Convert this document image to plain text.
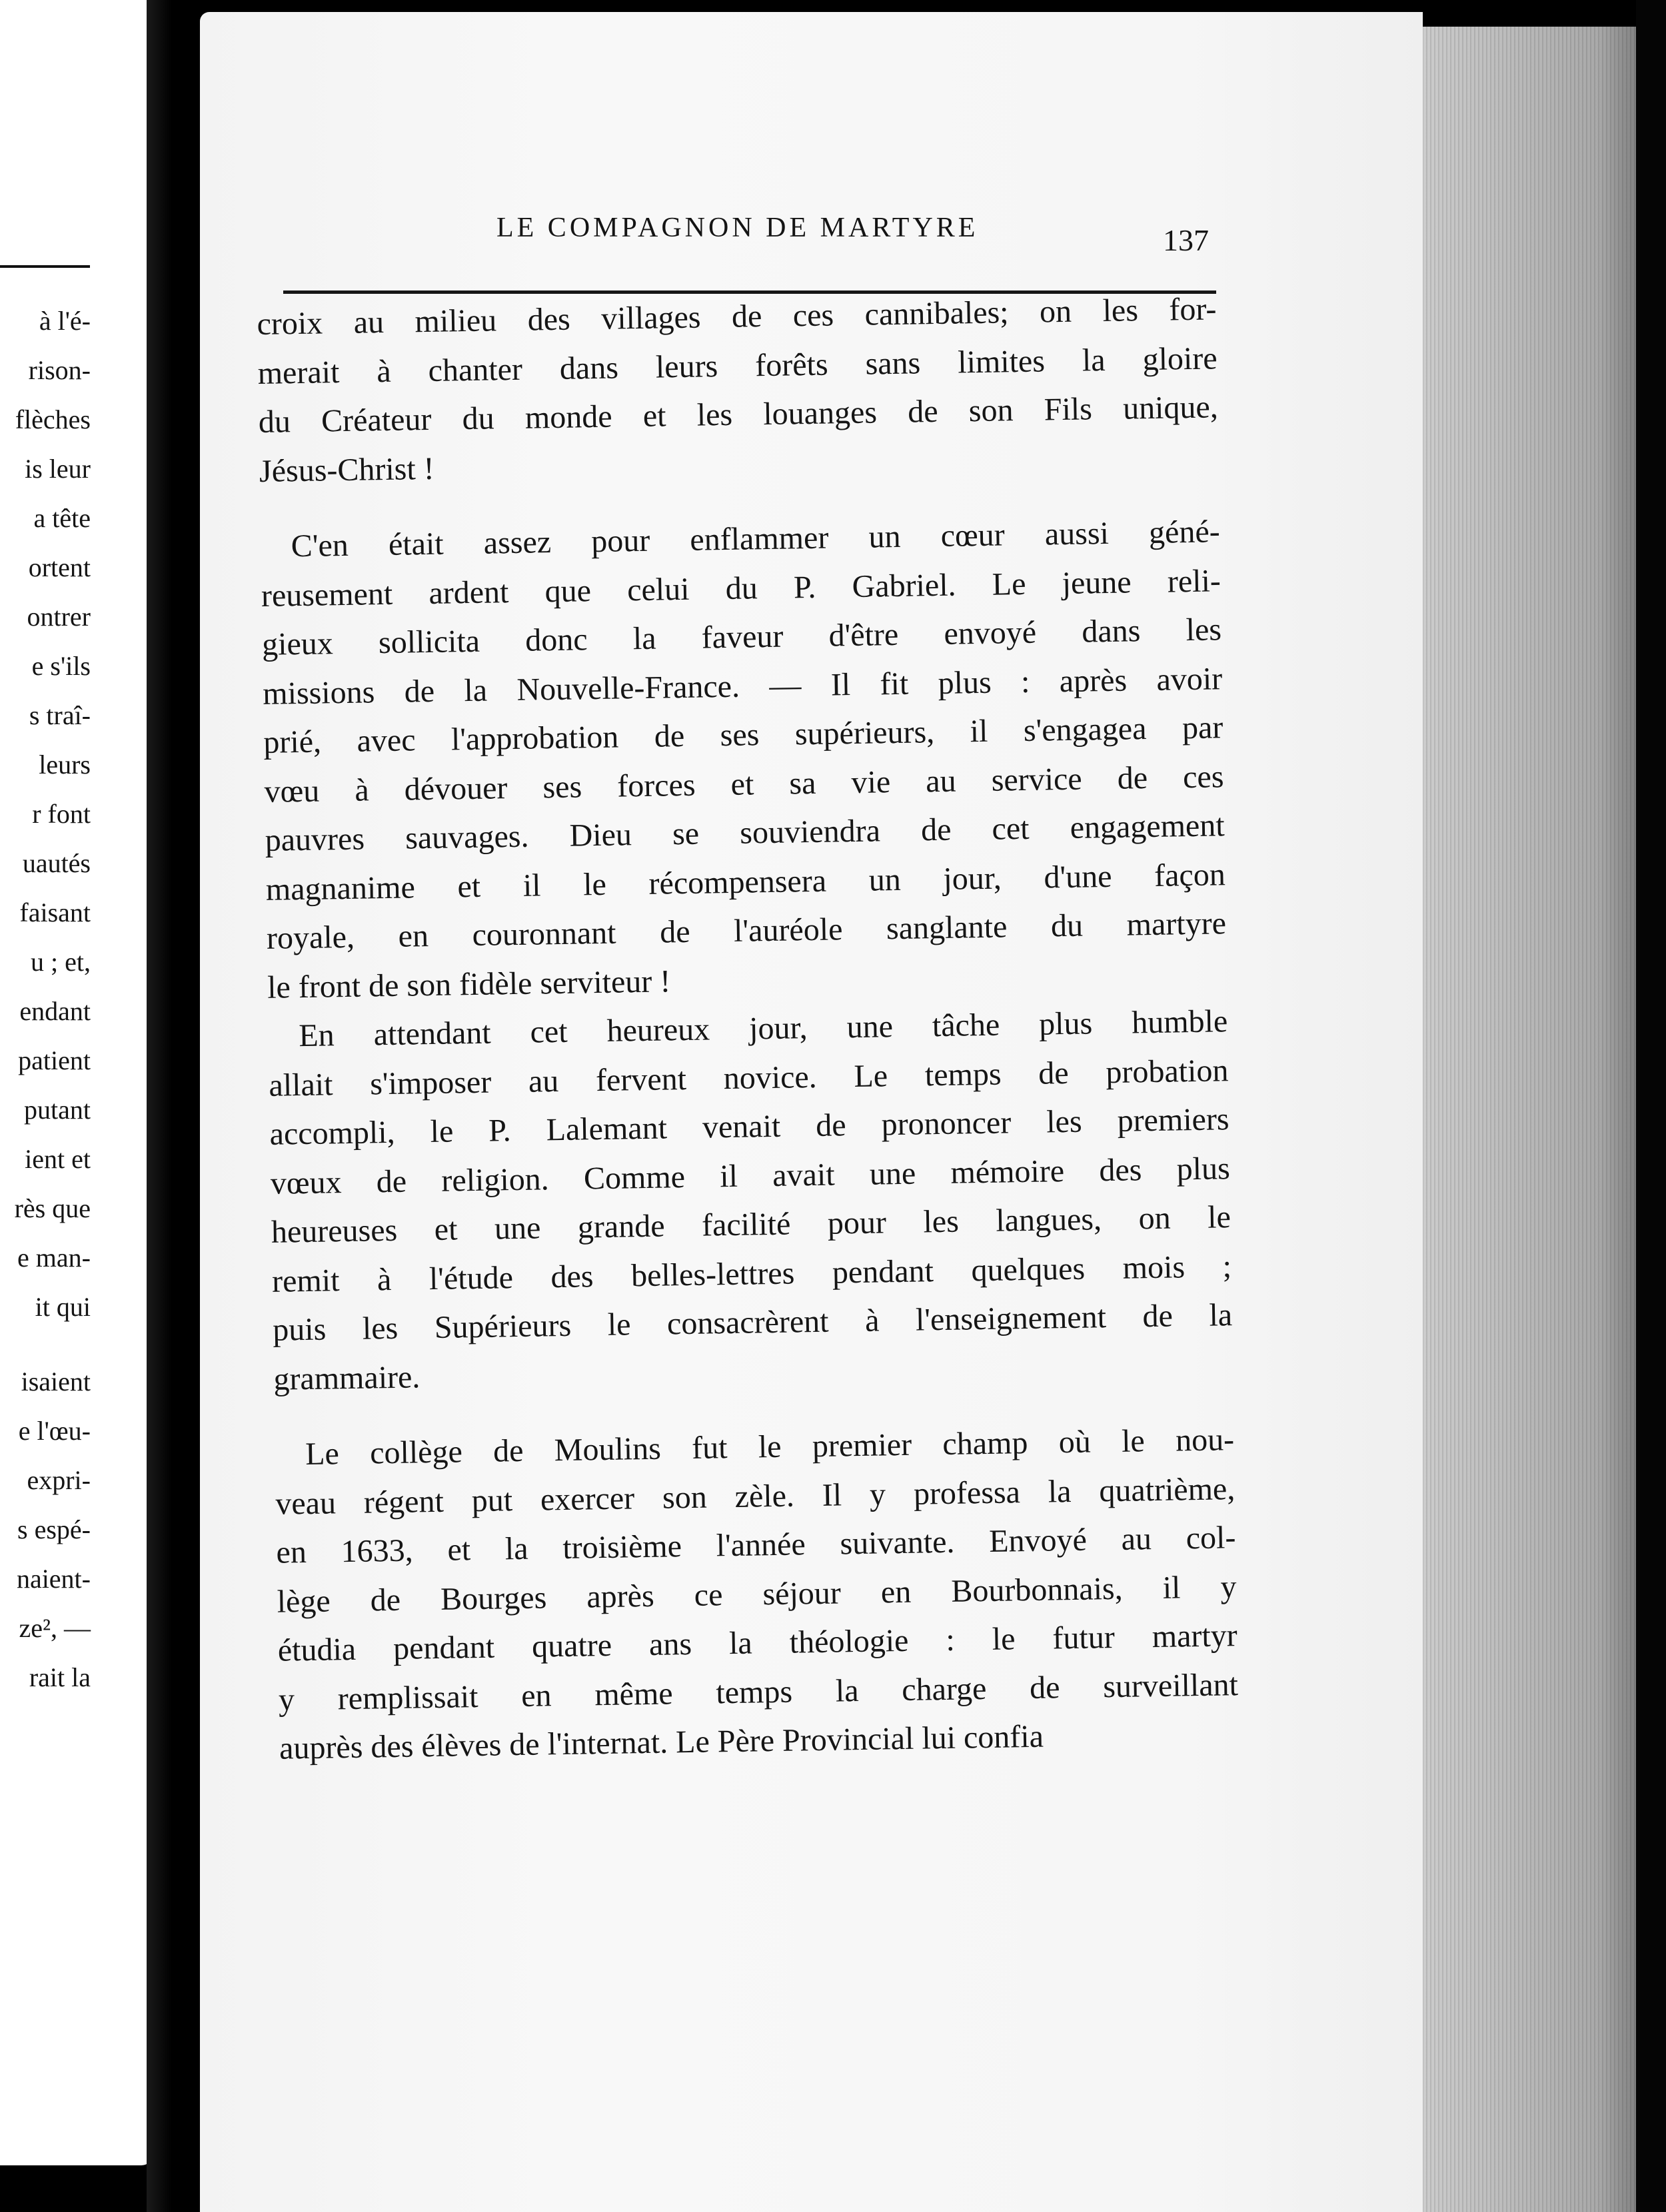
à l'é-
rison-
flèches
is leur
a tête
ortent
ontrer
e s'ils
s traî-
leurs
r font
uautés
faisant
u ; et,
endant
patient
putant
ient et
rès que
e man-
it qui
isaient
e l'œu-
expri-
s espé-
naient-
ze², —
rait la
LE COMPAGNON DE MARTYRE	137
croix au milieu des villages de ces cannibales; on les for-
merait à chanter dans leurs forêts sans limites la gloire
du Créateur du monde et les louanges de son Fils unique,
Jésus-Christ !
C'en était assez pour enflammer un cœur aussi géné-
reusement ardent que celui du P. Gabriel. Le jeune reli-
gieux sollicita donc la faveur d'être envoyé dans les
missions de la Nouvelle-France. — Il fit plus : après avoir
prié, avec l'approbation de ses supérieurs, il s'engagea par
vœu à dévouer ses forces et sa vie au service de ces
pauvres sauvages. Dieu se souviendra de cet engagement
magnanime et il le récompensera un jour, d'une façon
royale, en couronnant de l'auréole sanglante du martyre
le front de son fidèle serviteur !
En attendant cet heureux jour, une tâche plus humble
allait s'imposer au fervent novice. Le temps de probation
accompli, le P. Lalemant venait de prononcer les premiers
vœux de religion. Comme il avait une mémoire des plus
heureuses et une grande facilité pour les langues, on le
remit à l'étude des belles-lettres pendant quelques mois ;
puis les Supérieurs le consacrèrent à l'enseignement de la
grammaire.
Le collège de Moulins fut le premier champ où le nou-
veau régent put exercer son zèle. Il y professa la quatrième,
en 1633, et la troisième l'année suivante. Envoyé au col-
lège de Bourges après ce séjour en Bourbonnais, il y
étudia pendant quatre ans la théologie : le futur martyr
y remplissait en même temps la charge de surveillant
auprès des élèves de l'internat. Le Père Provincial lui confia
